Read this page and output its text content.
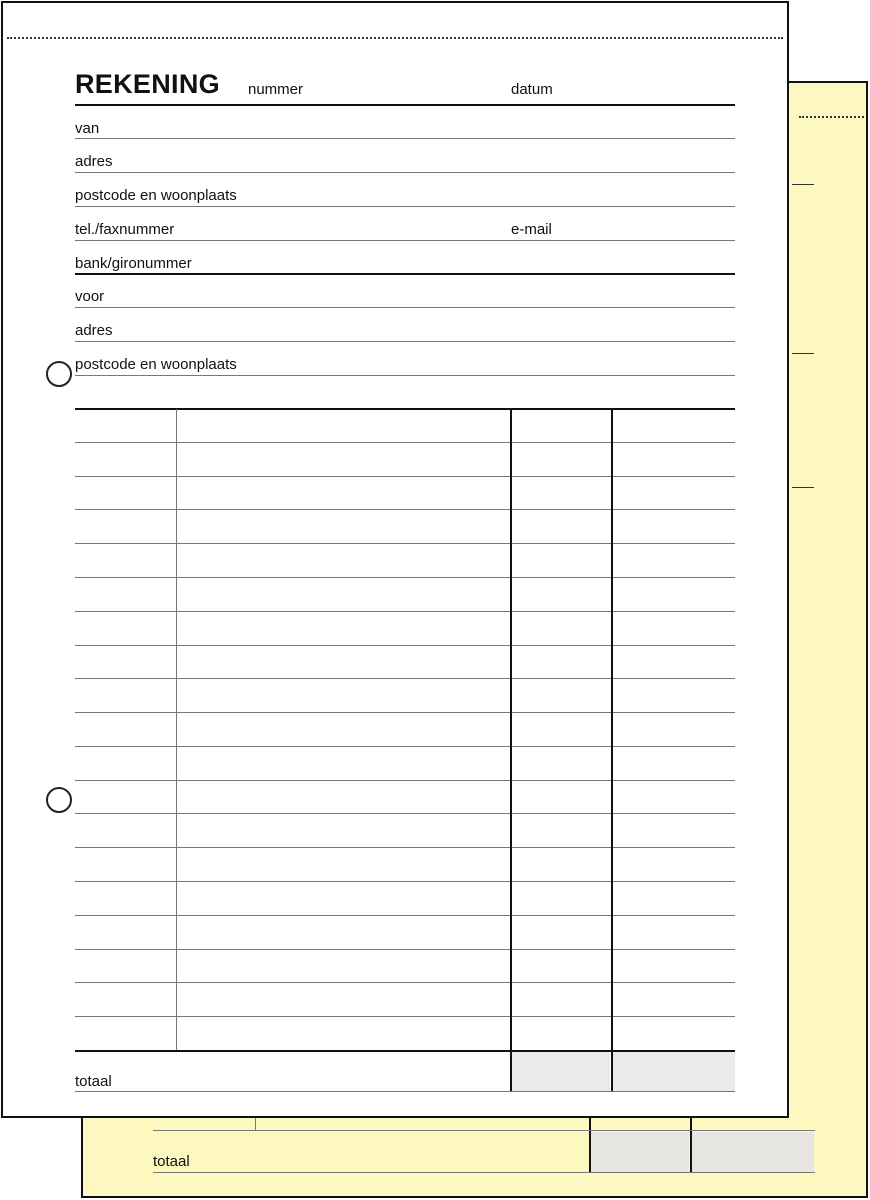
totaal
REKENING nummer	datum
van
adres
postcode en woonplaats
tel./faxnummer	e-mail
bank/gironummer
voor
adres
postcode en woonplaats
totaal
